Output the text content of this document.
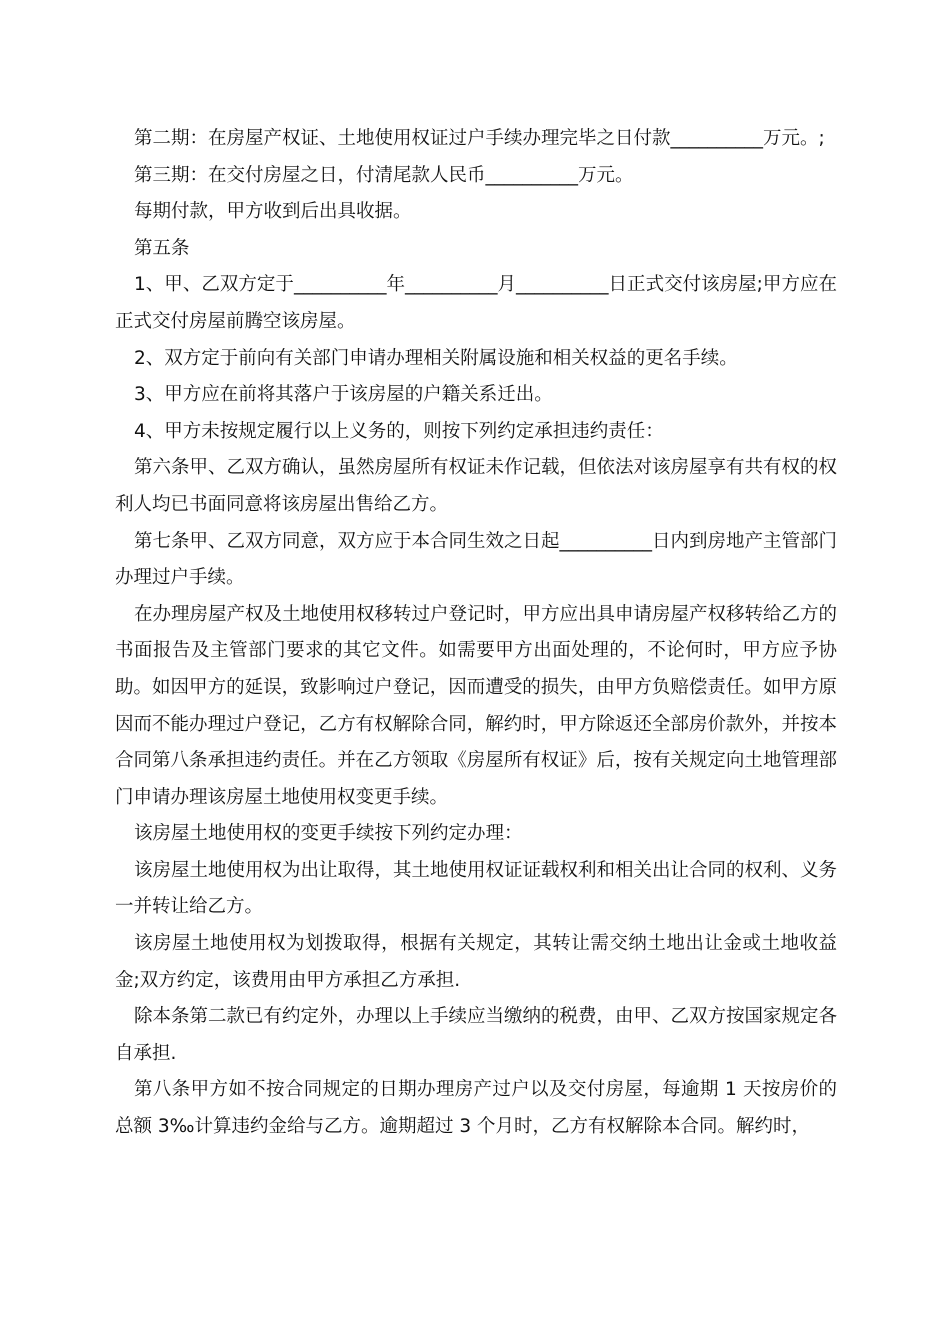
第二期：在房屋产权证、土地使用权证过户手续办理完毕之日付款__________万元。;

第三期：在交付房屋之日，付清尾款人民币__________万元。

每期付款，甲方收到后出具收据。

第五条

1、甲、乙双方定于__________年__________月__________日正式交付该房屋;甲方应在正式交付房屋前腾空该房屋。

2、双方定于前向有关部门申请办理相关附属设施和相关权益的更名手续。

3、甲方应在前将其落户于该房屋的户籍关系迁出。

4、甲方未按规定履行以上义务的，则按下列约定承担违约责任：

第六条甲、乙双方确认，虽然房屋所有权证未作记载，但依法对该房屋享有共有权的权利人均已书面同意将该房屋出售给乙方。

第七条甲、乙双方同意，双方应于本合同生效之日起__________日内到房地产主管部门办理过户手续。

在办理房屋产权及土地使用权移转过户登记时，甲方应出具申请房屋产权移转给乙方的书面报告及主管部门要求的其它文件。如需要甲方出面处理的，不论何时，甲方应予协助。如因甲方的延误，致影响过户登记，因而遭受的损失，由甲方负赔偿责任。如甲方原因而不能办理过户登记，乙方有权解除合同，解约时，甲方除返还全部房价款外，并按本合同第八条承担违约责任。并在乙方领取《房屋所有权证》后，按有关规定向土地管理部门申请办理该房屋土地使用权变更手续。

该房屋土地使用权的变更手续按下列约定办理：

该房屋土地使用权为出让取得，其土地使用权证证载权利和相关出让合同的权利、义务一并转让给乙方。

该房屋土地使用权为划拨取得，根据有关规定，其转让需交纳土地出让金或土地收益金;双方约定，该费用由甲方承担乙方承担.

除本条第二款已有约定外，办理以上手续应当缴纳的税费，由甲、乙双方按国家规定各自承担.

第八条甲方如不按合同规定的日期办理房产过户以及交付房屋，每逾期 1 天按房价的总额 3‰计算违约金给与乙方。逾期超过 3 个月时，乙方有权解除本合同。解约时，
